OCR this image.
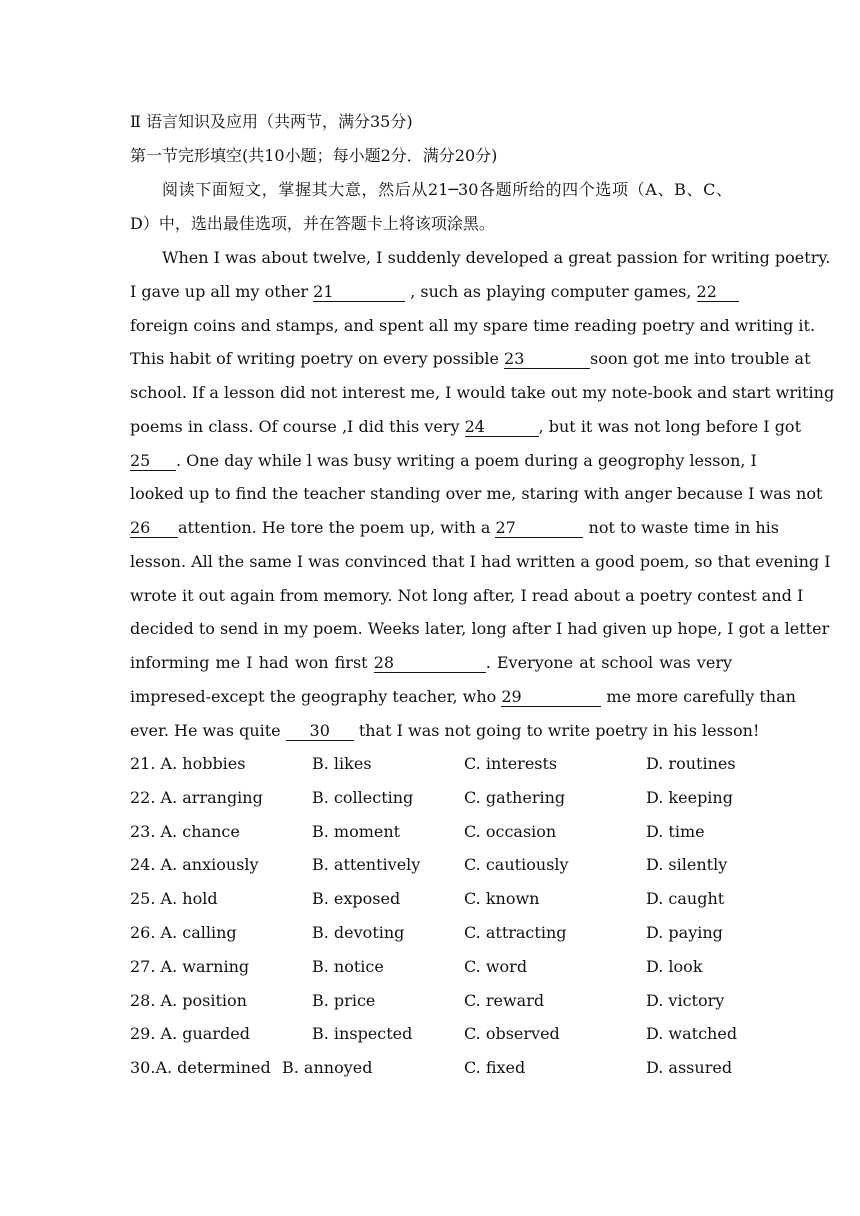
Ⅱ 语言知识及应用（共两节，满分35分)
第一节完形填空(共10小题；每小题2分．满分20分)
阅读下面短文，掌握其大意，然后从21─30各题所给的四个选项（A、B、C、
D）中，选出最佳选项，并在答题卡上将该项涂黑。
When I was about twelve, I suddenly developed a great passion for writing poetry.
I gave up all my other 21	, such as playing computer games, 22
foreign coins and stamps, and spent all my spare time reading poetry and writing it.
This habit of writing poetry on every possible 23	soon got me into trouble at
school. If a lesson did not interest me, I would take out my note-book and start writing
poems in class. Of course ,I did this very 24	, but it was not long before I got
25 . One day while l was busy writing a poem during a geogrophy lesson, I
looked up to find the teacher standing over me, staring with anger because I was not
26 attention. He tore the poem up, with a 27	not to waste time in his
lesson. All the same I was convinced that I had written a good poem, so that evening I
wrote it out again from memory. Not long after, I read about a poetry contest and I
decided to send in my poem. Weeks later, long after I had given up hope, I got a letter
informing me I had won first 28	. Everyone at school was very
impresed-except the geography teacher, who 29	me more carefully than
ever. He was quite 30 that I was not going to write poetry in his lesson!
21. A. hobbies	B. likes	C. interests	D. routines
22. A. arranging	B. collecting	C. gathering	D. keeping
23. A. chance	B. moment	C. occasion	D. time
24. A. anxiously	B. attentively	C. cautiously	D. silently
25. A. hold	B. exposed	C. known	D. caught
26. A. calling	B. devoting	C. attracting	D. paying
27. A. warning	B. notice	C. word	D. look
28. A. position	B. price	C. reward	D. victory
29. A. guarded	B. inspected	C. observed	D. watched
30.A. determined B. annoyed	C. fixed	D. assured
